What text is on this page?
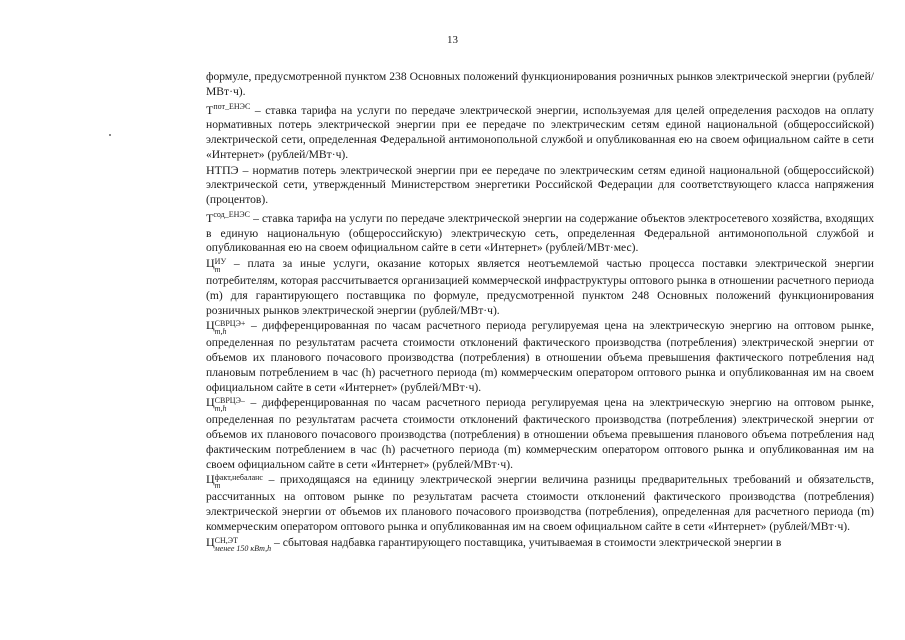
13

формуле, предусмотренной пунктом 238 Основных положений функционирования розничных рынков электрической энергии (рублей/МВт·ч).

$Т^{пот\_ЕНЭС}$ – ставка тарифа на услуги по передаче электрической энергии, используемая для целей определения расходов на оплату нормативных потерь электрической энергии при ее передаче по электрическим сетям единой национальной (общероссийской) электрической сети, определенная Федеральной антимонопольной службой и опубликованная ею на своем официальном сайте в сети «Интернет» (рублей/МВт·ч).

НТПЭ – норматив потерь электрической энергии при ее передаче по электрическим сетям единой национальной (общероссийской) электрической сети, утвержденный Министерством энергетики Российской Федерации для соответствующего класса напряжения (процентов).

$Т^{сод\_ЕНЭС}$ – ставка тарифа на услуги по передаче электрической энергии на содержание объектов электросетевого хозяйства, входящих в единую национальную (общероссийскую) электрическую сеть, определенная Федеральной антимонопольной службой и опубликованная ею на своем официальном сайте в сети «Интернет» (рублей/МВт·мес).

Ц ИУ
m – плата за иные услуги, оказание которых является неотъемлемой частью процесса поставки электрической энергии потребителям, которая рассчитывается организацией коммерческой инфраструктуры оптового рынка в отношении расчетного периода (m) для гарантирующего поставщика по формуле, предусмотренной пунктом 248 Основных положений функционирования розничных рынков электрической энергии (рублей/МВт·ч).

Ц СВРЦЭ+
m,h	– дифференцированная по часам расчетного периода регулируемая цена на электрическую энергию на оптовом рынке, определенная по результатам расчета стоимости отклонений фактического производства (потребления) электрической энергии от объемов их планового почасового производства (потребления) в отношении объема превышения фактического потребления над плановым потреблением в час (h) расчетного периода (m) коммерческим оператором оптового рынка и опубликованная им на своем официальном сайте в сети «Интернет» (рублей/МВт·ч).

Ц СВРЦЭ–
m,h	– дифференцированная по часам расчетного периода регулируемая цена на электрическую энергию на оптовом рынке, определенная по результатам расчета стоимости отклонений фактического производства (потребления) электрической энергии от объемов их планового почасового производства (потребления) в отношении объема превышения планового объема потребления над фактическим потреблением в час (h) расчетного периода (m) коммерческим оператором оптового рынка и опубликованная им на своем официальном сайте в сети «Интернет» (рублей/МВт·ч).

Ц факт,небаланс
m	– приходящаяся на единицу электрической энергии величина разницы предварительных требований и обязательств, рассчитанных на оптовом рынке по результатам расчета стоимости отклонений фактического производства (потребления) электрической энергии от объемов их планового почасового производства (потребления), определенная для расчетного периода (m) коммерческим оператором оптового рынка и опубликованная им на своем официальном сайте в сети «Интернет» (рублей/МВт·ч).

Ц СН,ЭТ
менее 150 кВт,h – сбытовая надбавка гарантирующего поставщика, учитываемая в стоимости электрической энергии в
